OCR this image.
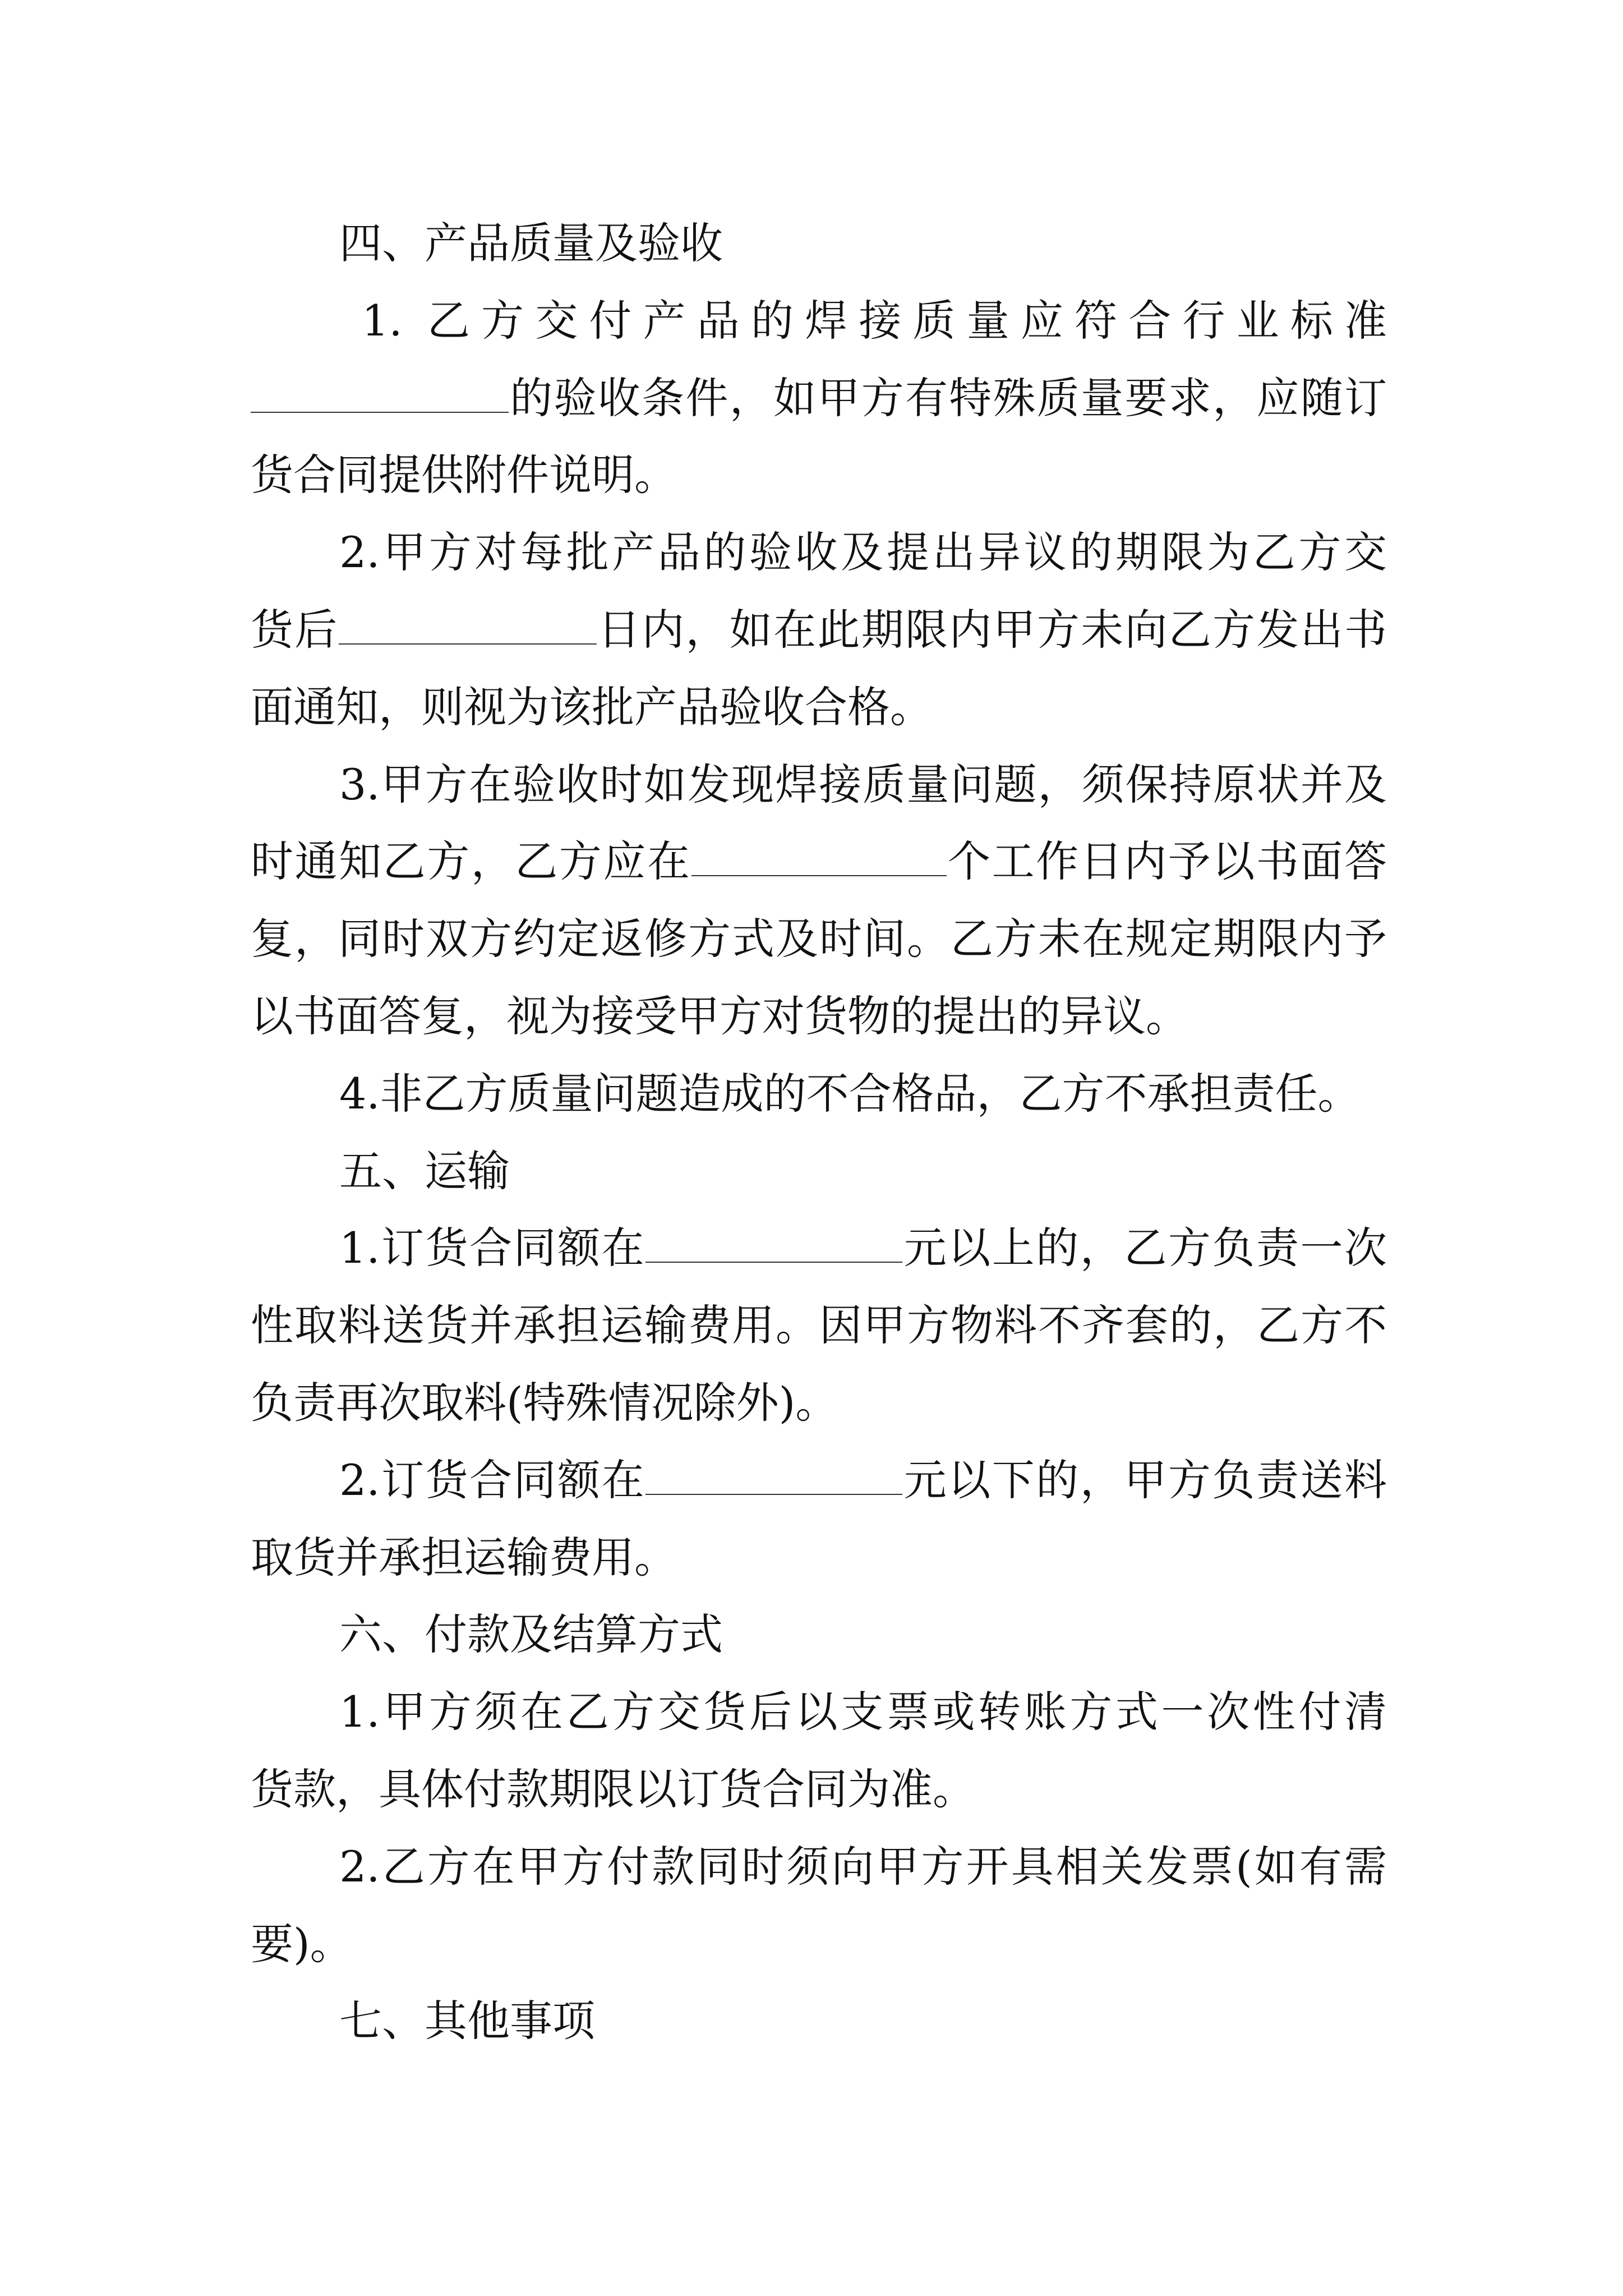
四、产品质量及验收
1. 乙方交付产品的焊接质量应符合行业标准
的验收条件，如甲方有特殊质量要求，应随订
货合同提供附件说明。
2.甲方对每批产品的验收及提出异议的期限为乙方交
货后	日内，如在此期限内甲方未向乙方发出书
面通知，则视为该批产品验收合格。
3.甲方在验收时如发现焊接质量问题，须保持原状并及
时通知乙方，乙方应在	个工作日内予以书面答
复，同时双方约定返修方式及时间。乙方未在规定期限内予
以书面答复，视为接受甲方对货物的提出的异议。
4.非乙方质量问题造成的不合格品，乙方不承担责任。
五、运输
1.订货合同额在	元以上的，乙方负责一次
性取料送货并承担运输费用。因甲方物料不齐套的，乙方不
负责再次取料(特殊情况除外)。
2.订货合同额在	元以下的，甲方负责送料
取货并承担运输费用。
六、付款及结算方式
1.甲方须在乙方交货后以支票或转账方式一次性付清
货款，具体付款期限以订货合同为准。
2.乙方在甲方付款同时须向甲方开具相关发票(如有需
要)。
七、其他事项
